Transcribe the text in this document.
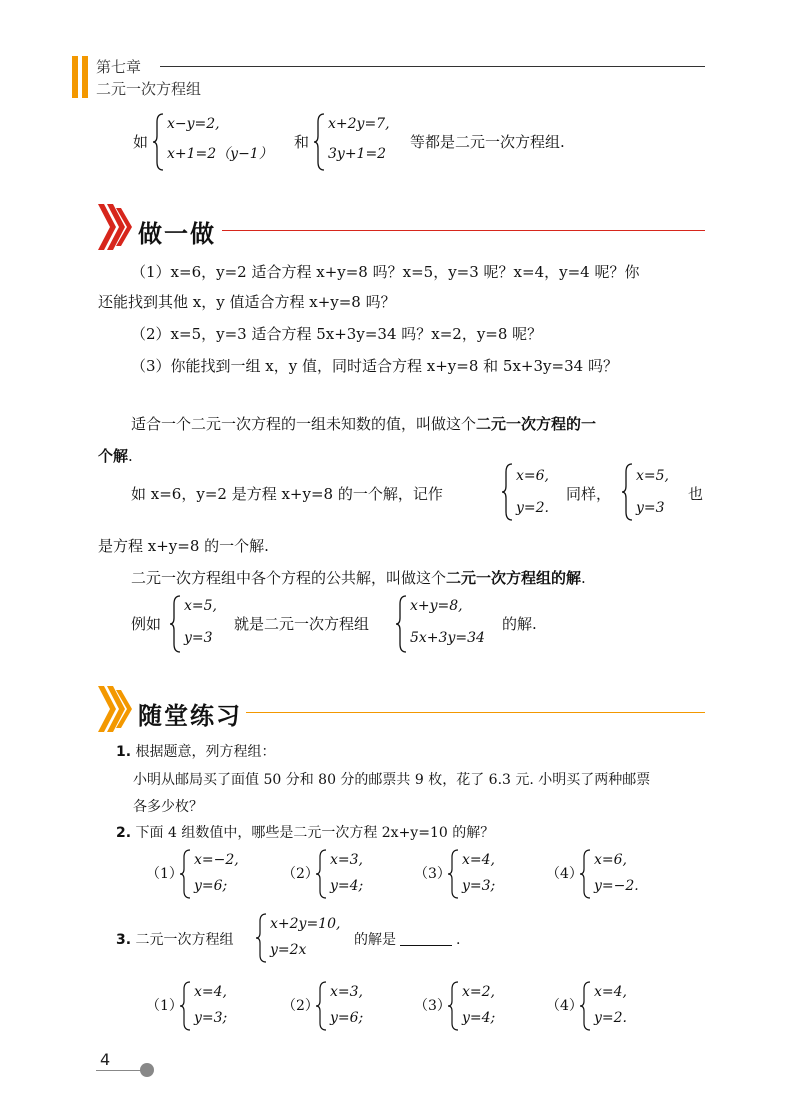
第七章
二元一次方程组
如
x−y=2,
x+1=2（y−1）
和
x+2y=7,
3y+1=2
等都是二元一次方程组.
做一做
（1）x=6，y=2 适合方程 x+y=8 吗？x=5，y=3 呢？x=4，y=4 呢？你
还能找到其他 x，y 值适合方程 x+y=8 吗？
（2）x=5，y=3 适合方程 5x+3y=34 吗？x=2，y=8 呢？
（3）你能找到一组 x，y 值，同时适合方程 x+y=8 和 5x+3y=34 吗？
适合一个二元一次方程的一组未知数的值，叫做这个二元一次方程的一
个解.
如 x=6，y=2 是方程 x+y=8 的一个解，记作
x=6,
y=2.
同样，
x=5,
y=3
也
是方程 x+y=8 的一个解.
二元一次方程组中各个方程的公共解，叫做这个二元一次方程组的解.
例如
x=5,
y=3
就是二元一次方程组
x+y=8,
5x+3y=34
的解.
随堂练习
1. 根据题意，列方程组：
小明从邮局买了面值 50 分和 80 分的邮票共 9 枚，花了 6.3 元. 小明买了两种邮票
各多少枚？
2. 下面 4 组数值中，哪些是二元一次方程 2x+y=10 的解？
（1）
x=−2,
y=6;
（2）
x=3,
y=4;
（3）
x=4,
y=3;
（4）
x=6,
y=−2.
3. 二元一次方程组
x+2y=10,
y=2x
的解是	.
（1）
x=4,
y=3;
（2）
x=3,
y=6;
（3）
x=2,
y=4;
（4）
x=4,
y=2.
4
